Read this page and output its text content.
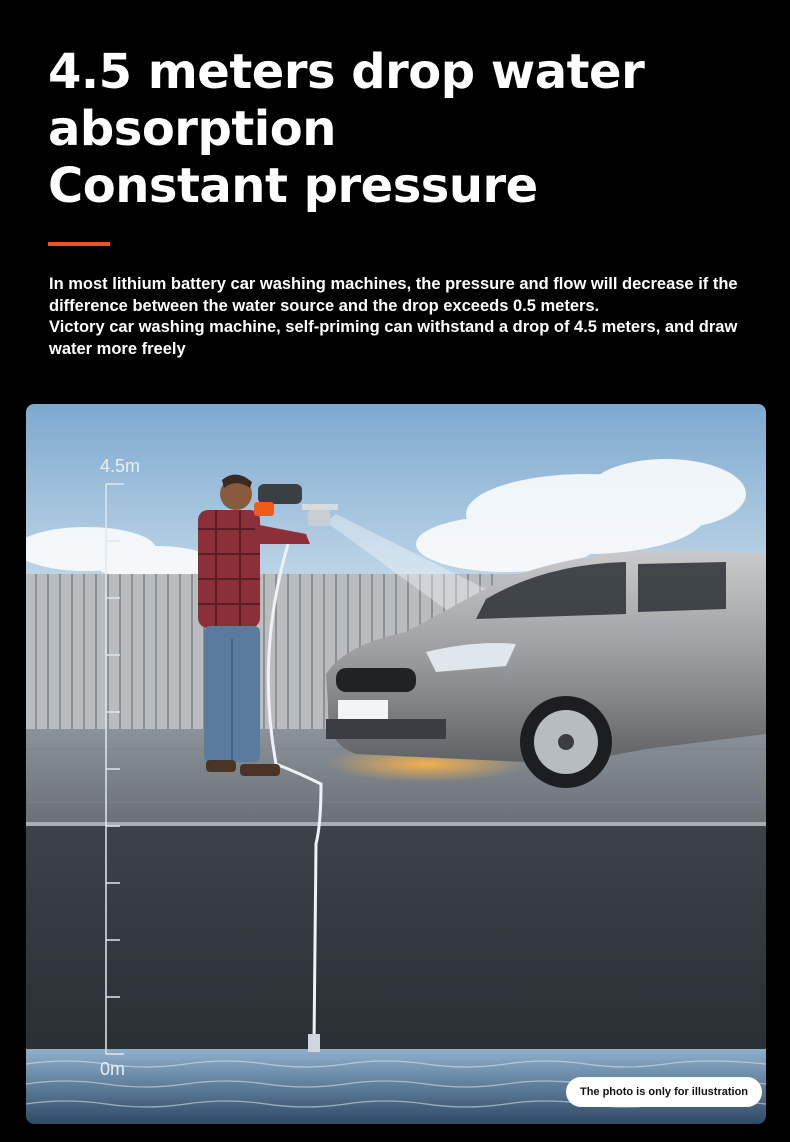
4.5 meters drop water
absorption
Constant pressure

In most lithium battery car washing machines, the pressure and flow will decrease if the difference between the water source and the drop exceeds 0.5 meters.

Victory car washing machine, self-priming can withstand a drop of 4.5 meters, and draw water more freely

4.5m
0m
The photo is only for illustration
